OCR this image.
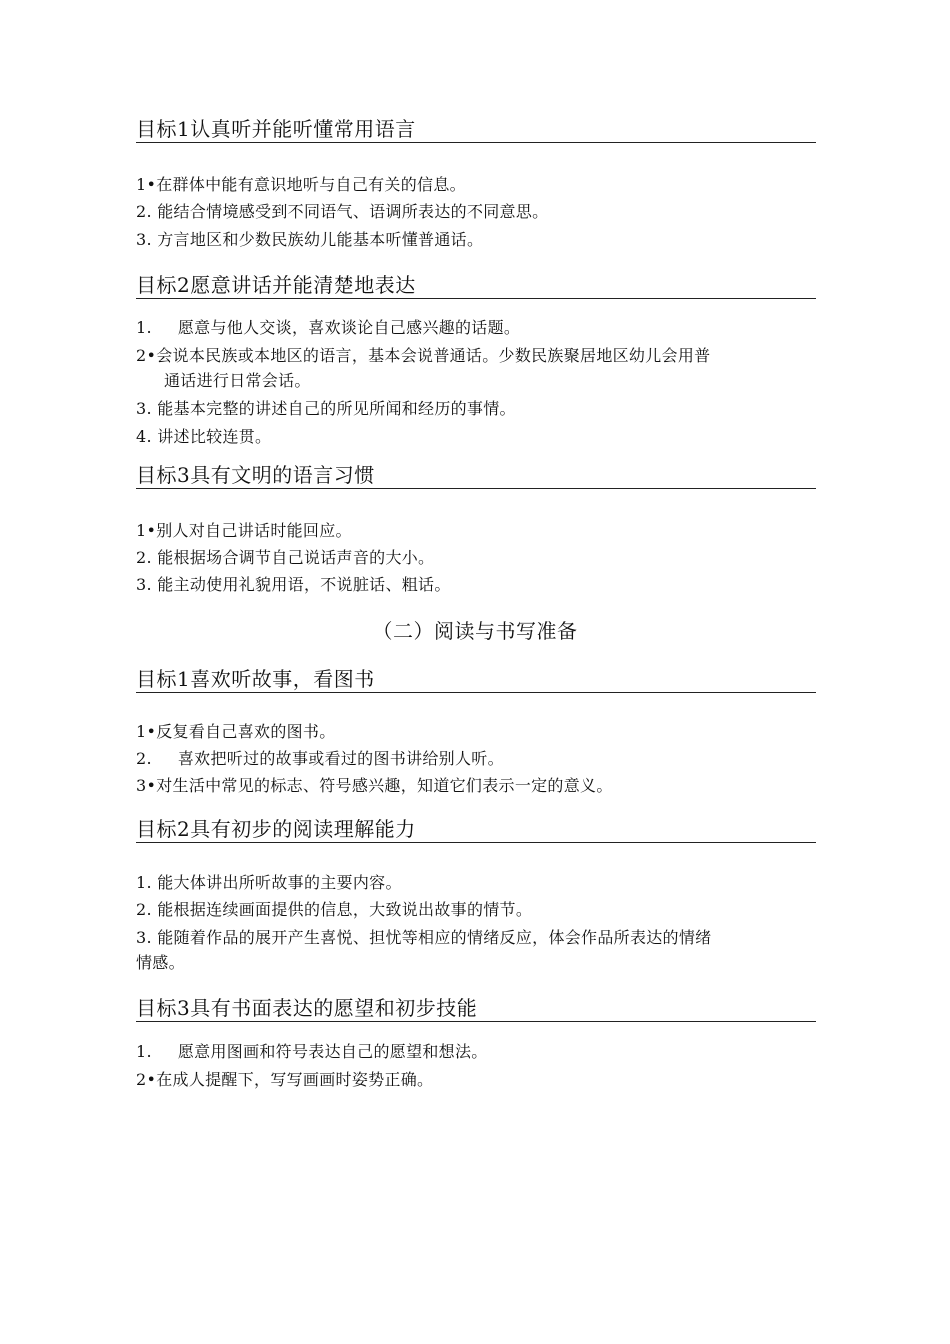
目标1认真听并能听懂常用语言
1•在群体中能有意识地听与自己有关的信息。
2. 能结合情境感受到不同语气、语调所表达的不同意思。
3. 方言地区和少数民族幼儿能基本听懂普通话。
目标2愿意讲话并能清楚地表达
1. 愿意与他人交谈，喜欢谈论自己感兴趣的话题。
2•会说本民族或本地区的语言，基本会说普通话。少数民族聚居地区幼儿会用普
通话进行日常会话。
3. 能基本完整的讲述自己的所见所闻和经历的事情。
4. 讲述比较连贯。
目标3具有文明的语言习惯
1•别人对自己讲话时能回应。
2. 能根据场合调节自己说话声音的大小。
3. 能主动使用礼貌用语，不说脏话、粗话。
（二）阅读与书写准备
目标1喜欢听故事，看图书
1•反复看自己喜欢的图书。
2. 喜欢把听过的故事或看过的图书讲给别人听。
3•对生活中常见的标志、符号感兴趣，知道它们表示一定的意义。
目标2具有初步的阅读理解能力
1. 能大体讲出所听故事的主要内容。
2. 能根据连续画面提供的信息，大致说出故事的情节。
3. 能随着作品的展开产生喜悦、担忧等相应的情绪反应，体会作品所表达的情绪
情感。
目标3具有书面表达的愿望和初步技能
1. 愿意用图画和符号表达自己的愿望和想法。
2•在成人提醒下，写写画画时姿势正确。
